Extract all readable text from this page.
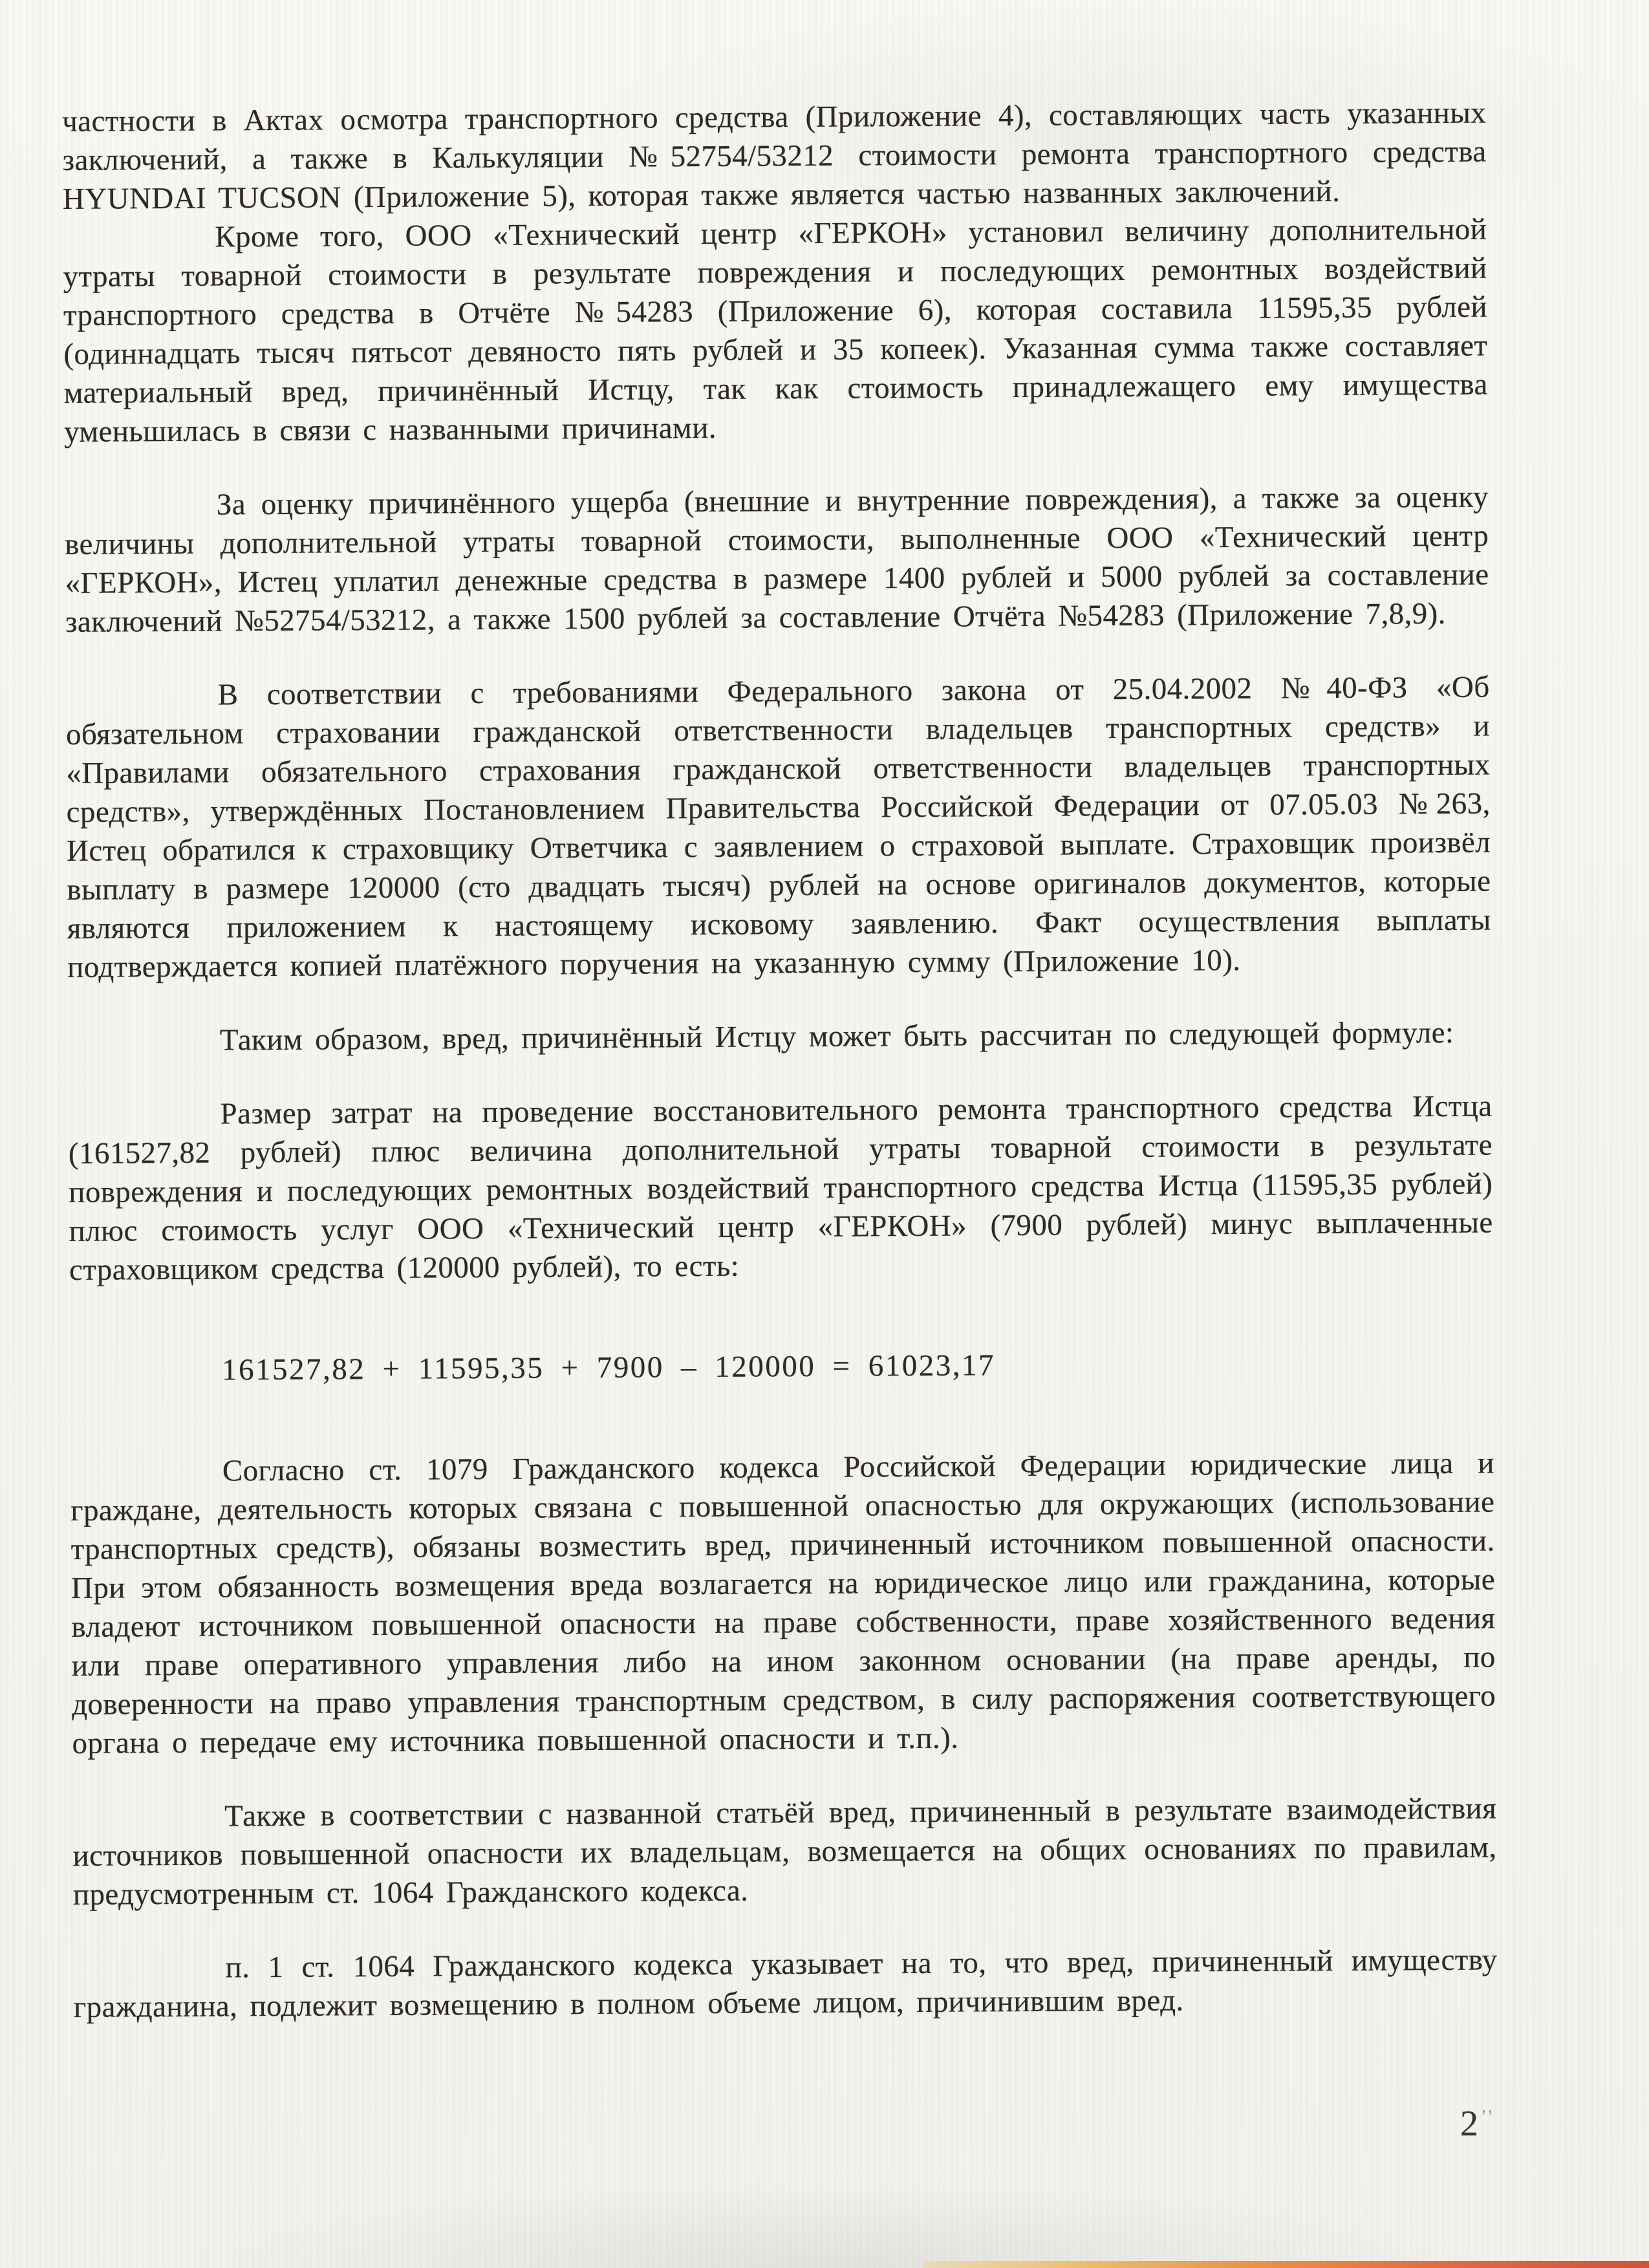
частности в Актах осмотра транспортного средства (Приложение 4), составляющих часть указанных заключений, а также в Калькуляции №52754/53212 стоимости ремонта транспортного средства HYUNDAI TUCSON (Приложение 5), которая также является частью названных заключений.

Кроме того, ООО «Технический центр «ГЕРКОН» установил величину дополнительной утраты товарной стоимости в результате повреждения и последующих ремонтных воздействий транспортного средства в Отчёте №54283 (Приложение 6), которая составила 11595,35 рублей (одиннадцать тысяч пятьсот девяносто пять рублей и 35 копеек). Указанная сумма также составляет материальный вред, причинённый Истцу, так как стоимость принадлежащего ему имущества уменьшилась в связи с названными причинами.

За оценку причинённого ущерба (внешние и внутренние повреждения), а также за оценку величины дополнительной утраты товарной стоимости, выполненные ООО «Технический центр «ГЕРКОН», Истец уплатил денежные средства в размере 1400 рублей и 5000 рублей за составление заключений №52754/53212, а также 1500 рублей за составление Отчёта №54283 (Приложение 7,8,9).

В соответствии с требованиями Федерального закона от 25.04.2002 №40-ФЗ «Об обязательном страховании гражданской ответственности владельцев транспортных средств» и «Правилами обязательного страхования гражданской ответственности владельцев транспортных средств», утверждённых Постановлением Правительства Российской Федерации от 07.05.03 №263, Истец обратился к страховщику Ответчика с заявлением о страховой выплате. Страховщик произвёл выплату в размере 120000 (сто двадцать тысяч) рублей на основе оригиналов документов, которые являются приложением к настоящему исковому заявлению. Факт осуществления выплаты подтверждается копией платёжного поручения на указанную сумму (Приложение 10).

Таким образом, вред, причинённый Истцу может быть рассчитан по следующей формуле:

Размер затрат на проведение восстановительного ремонта транспортного средства Истца (161527,82 рублей) плюс величина дополнительной утраты товарной стоимости в результате повреждения и последующих ремонтных воздействий транспортного средства Истца (11595,35 рублей) плюс стоимость услуг ООО «Технический центр «ГЕРКОН» (7900 рублей) минус выплаченные страховщиком средства (120000 рублей), то есть:

161527,82 + 11595,35 + 7900 – 120000 = 61023,17

Согласно ст. 1079 Гражданского кодекса Российской Федерации юридические лица и граждане, деятельность которых связана с повышенной опасностью для окружающих (использование транспортных средств), обязаны возместить вред, причиненный источником повышенной опасности. При этом обязанность возмещения вреда возлагается на юридическое лицо или гражданина, которые владеют источником повышенной опасности на праве собственности, праве хозяйственного ведения или праве оперативного управления либо на ином законном основании (на праве аренды, по доверенности на право управления транспортным средством, в силу распоряжения соответствующего органа о передаче ему источника повышенной опасности и т.п.).

Также в соответствии с названной статьёй вред, причиненный в результате взаимодействия источников повышенной опасности их владельцам, возмещается на общих основаниях по правилам, предусмотренным ст. 1064 Гражданского кодекса.

п. 1 ст. 1064 Гражданского кодекса указывает на то, что вред, причиненный имуществу гражданина, подлежит возмещению в полном объеме лицом, причинившим вред.

2 ''
